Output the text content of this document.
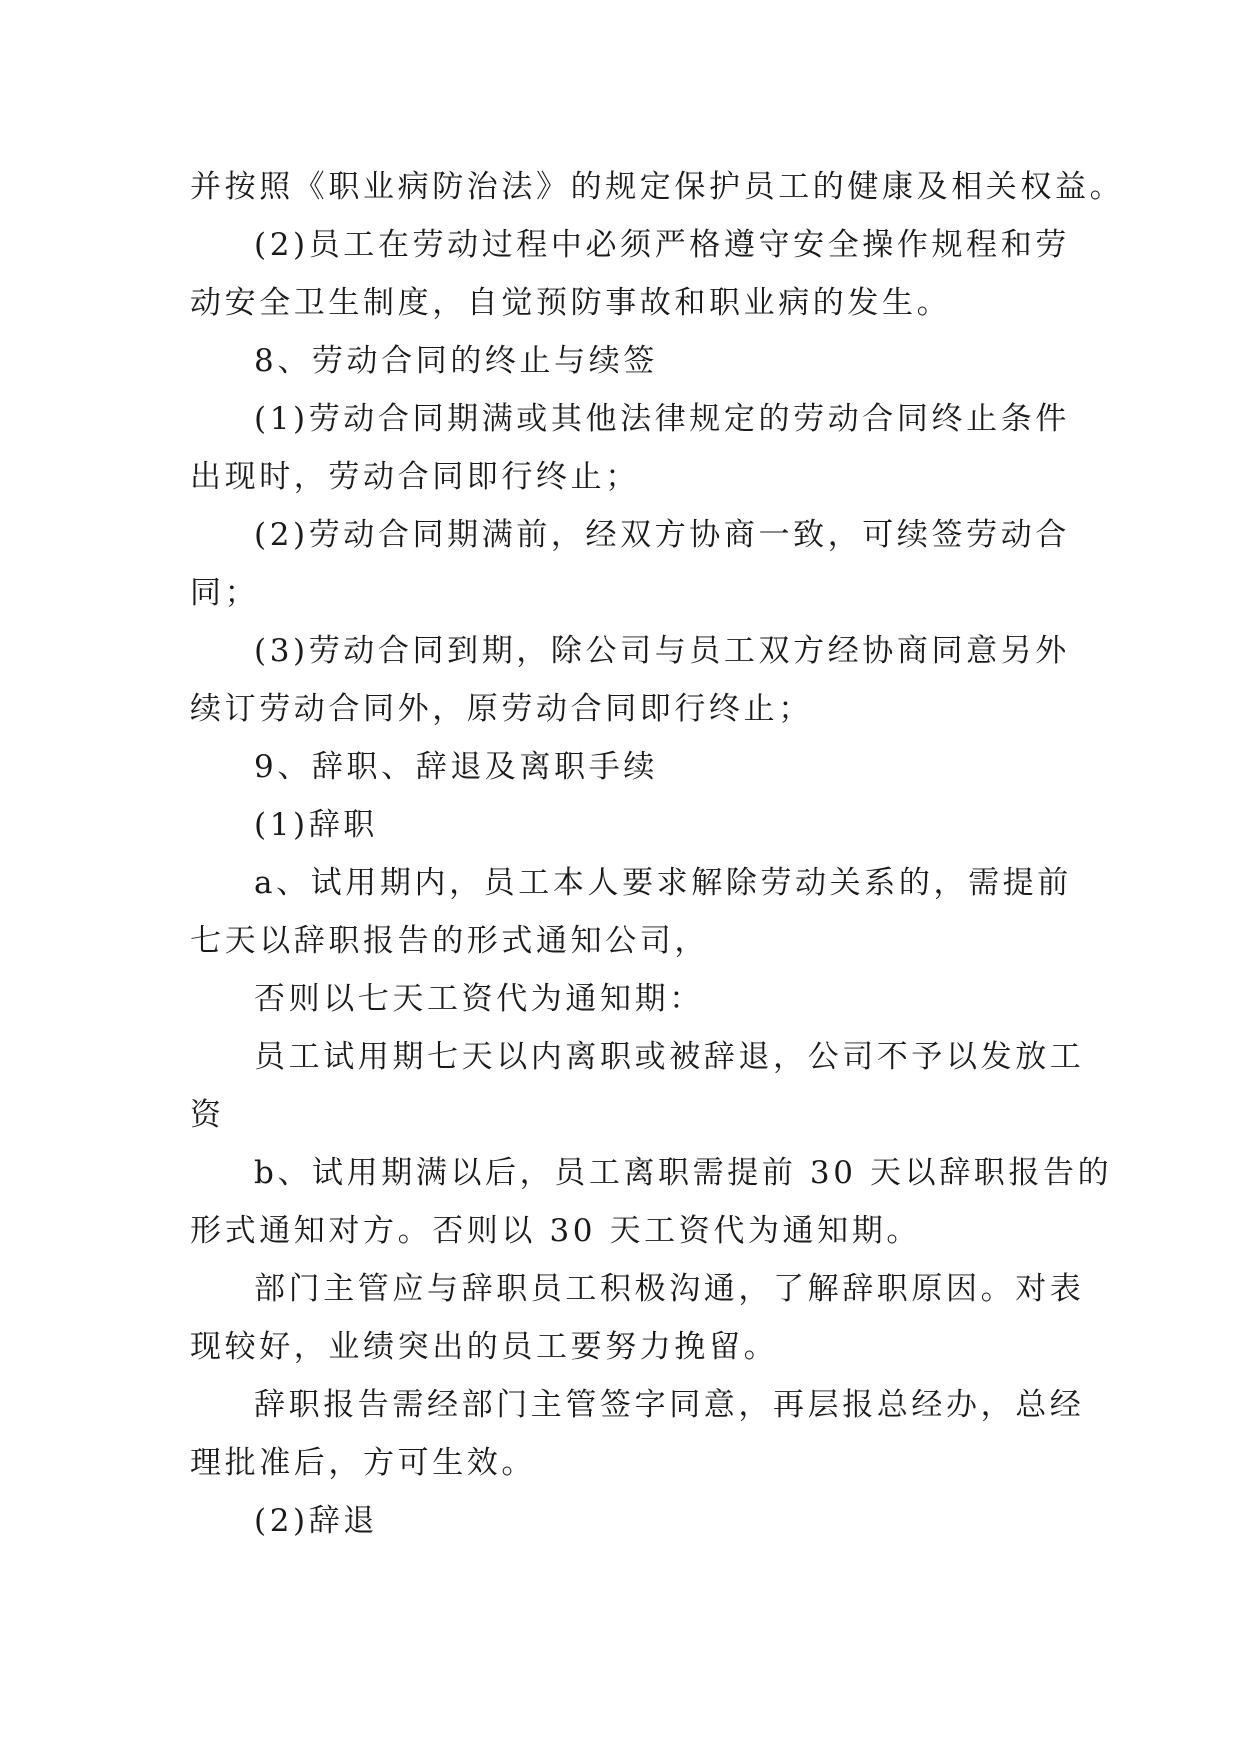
并按照《职业病防治法》的规定保护员工的健康及相关权益。
(2)员工在劳动过程中必须严格遵守安全操作规程和劳
动安全卫生制度，自觉预防事故和职业病的发生。
8、劳动合同的终止与续签
(1)劳动合同期满或其他法律规定的劳动合同终止条件
出现时，劳动合同即行终止；
(2)劳动合同期满前，经双方协商一致，可续签劳动合
同；
(3)劳动合同到期，除公司与员工双方经协商同意另外
续订劳动合同外，原劳动合同即行终止；
9、辞职、辞退及离职手续
(1)辞职
a、试用期内，员工本人要求解除劳动关系的，需提前
七天以辞职报告的形式通知公司，
否则以七天工资代为通知期：
员工试用期七天以内离职或被辞退，公司不予以发放工
资
b、试用期满以后，员工离职需提前 30 天以辞职报告的
形式通知对方。否则以 30 天工资代为通知期。
部门主管应与辞职员工积极沟通，了解辞职原因。对表
现较好，业绩突出的员工要努力挽留。
辞职报告需经部门主管签字同意，再层报总经办，总经
理批准后，方可生效。
(2)辞退
